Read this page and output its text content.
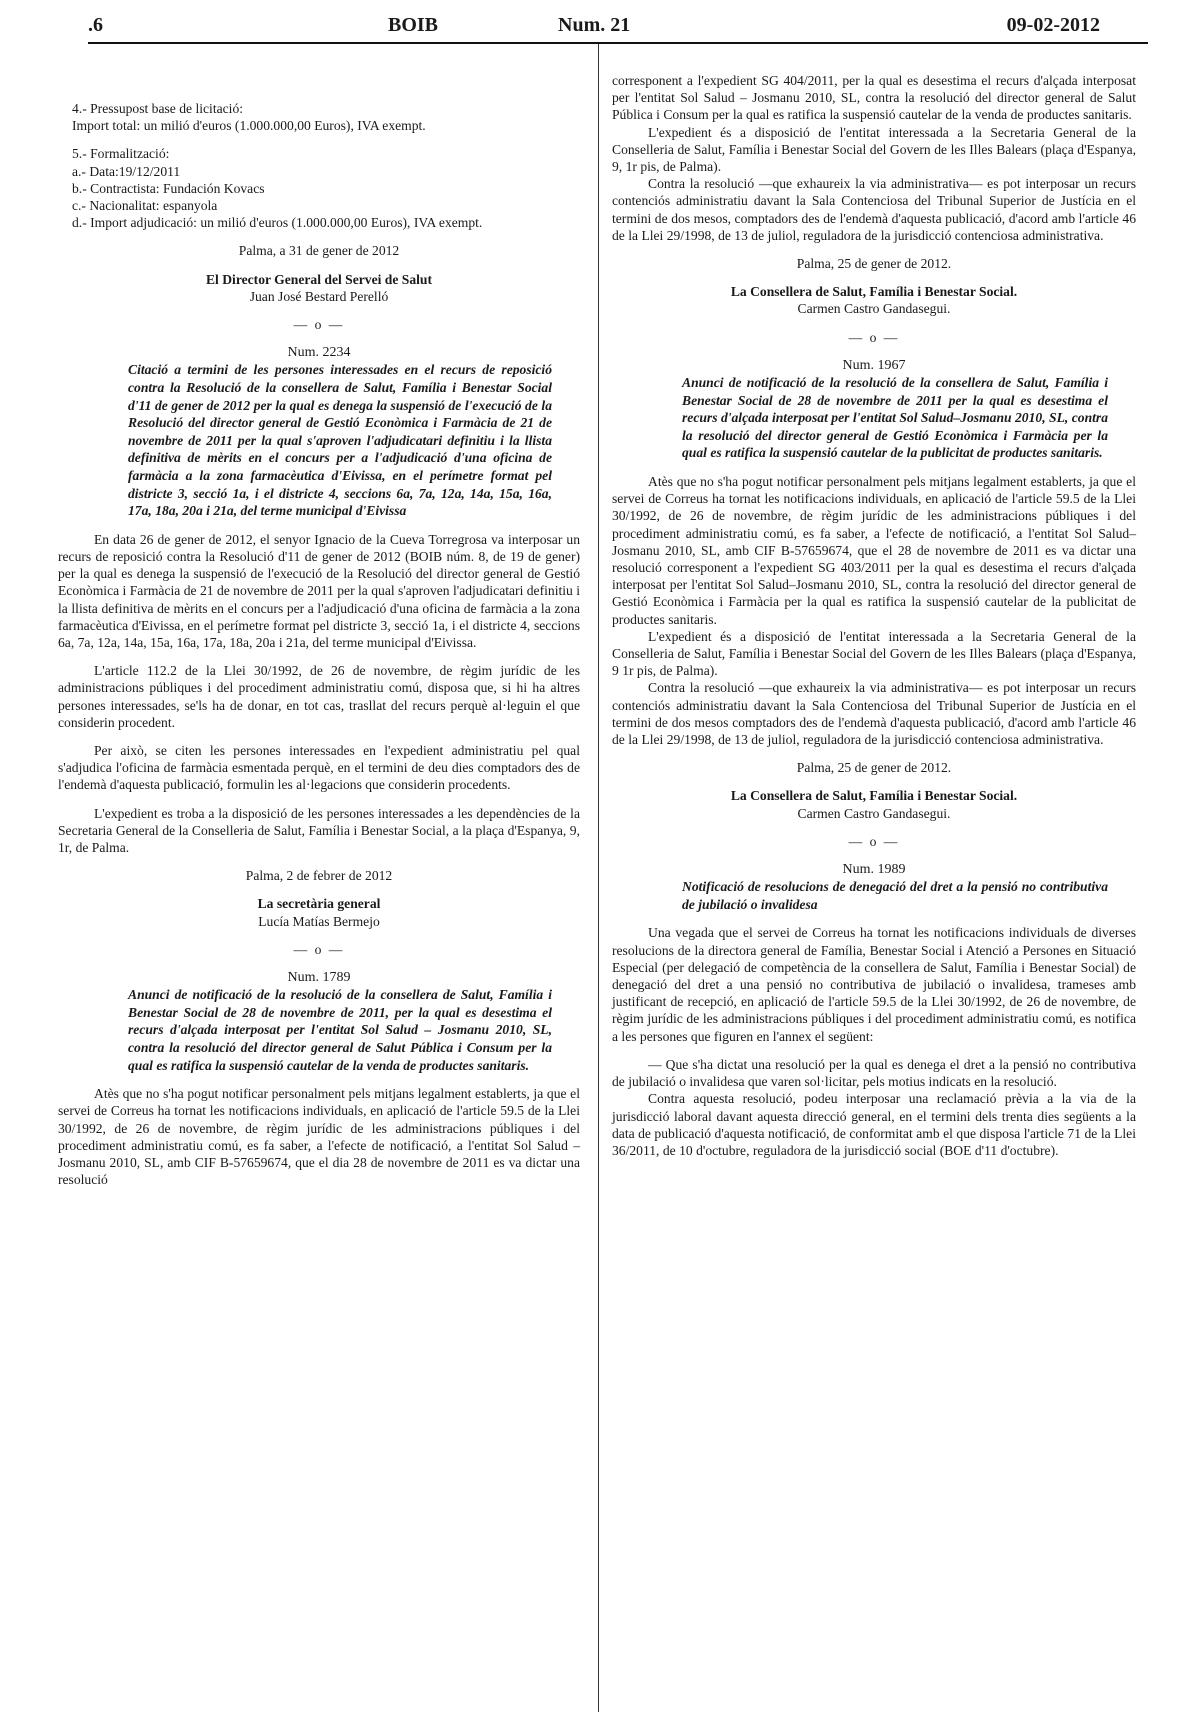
.6	BOIB	Num. 21	09-02-2012

4.- Pressupost base de licitació:

Import total: un milió d'euros (1.000.000,00 Euros), IVA exempt.

5.- Formalització:

a.- Data:19/12/2011

b.- Contractista: Fundación Kovacs

c.- Nacionalitat: espanyola

d.- Import adjudicació: un milió d'euros (1.000.000,00 Euros), IVA exempt.

Palma, a 31 de gener de 2012

El Director General del Servei de Salut

Juan José Bestard Perelló

— o —

Num. 2234

Citació a termini de les persones interessades en el recurs de reposició contra la Resolució de la consellera de Salut, Família i Benestar Social d'11 de gener de 2012 per la qual es denega la suspensió de l'execució de la Resolució del director general de Gestió Econòmica i Farmàcia de 21 de novembre de 2011 per la qual s'aproven l'adjudicatari definitiu i la llista definitiva de mèrits en el concurs per a l'adjudicació d'una oficina de farmàcia a la zona farmacèutica d'Eivissa, en el perímetre format pel districte 3, secció 1a, i el districte 4, seccions 6a, 7a, 12a, 14a, 15a, 16a, 17a, 18a, 20a i 21a, del terme municipal d'Eivissa

En data 26 de gener de 2012, el senyor Ignacio de la Cueva Torregrosa va interposar un recurs de reposició contra la Resolució d'11 de gener de 2012 (BOIB núm. 8, de 19 de gener) per la qual es denega la suspensió de l'execució de la Resolució del director general de Gestió Econòmica i Farmàcia de 21 de novembre de 2011 per la qual s'aproven l'adjudicatari definitiu i la llista definitiva de mèrits en el concurs per a l'adjudicació d'una oficina de farmàcia a la zona farmacèutica d'Eivissa, en el perímetre format pel districte 3, secció 1a, i el districte 4, seccions 6a, 7a, 12a, 14a, 15a, 16a, 17a, 18a, 20a i 21a, del terme municipal d'Eivissa.

L'article 112.2 de la Llei 30/1992, de 26 de novembre, de règim jurídic de les administracions públiques i del procediment administratiu comú, disposa que, si hi ha altres persones interessades, se'ls ha de donar, en tot cas, trasllat del recurs perquè al·leguin el que considerin procedent.

Per això, se citen les persones interessades en l'expedient administratiu pel qual s'adjudica l'oficina de farmàcia esmentada perquè, en el termini de deu dies comptadors des de l'endemà d'aquesta publicació, formulin les al·legacions que considerin procedents.

L'expedient es troba a la disposició de les persones interessades a les dependències de la Secretaria General de la Conselleria de Salut, Família i Benestar Social, a la plaça d'Espanya, 9, 1r, de Palma.

Palma, 2 de febrer de 2012

La secretària general

Lucía Matías Bermejo

— o —

Num. 1789

Anunci de notificació de la resolució de la consellera de Salut, Família i Benestar Social de 28 de novembre de 2011, per la qual es desestima el recurs d'alçada interposat per l'entitat Sol Salud – Josmanu 2010, SL, contra la resolució del director general de Salut Pública i Consum per la qual es ratifica la suspensió cautelar de la venda de productes sanitaris.

Atès que no s'ha pogut notificar personalment pels mitjans legalment establerts, ja que el servei de Correus ha tornat les notificacions individuals, en aplicació de l'article 59.5 de la Llei 30/1992, de 26 de novembre, de règim jurídic de les administracions públiques i del procediment administratiu comú, es fa saber, a l'efecte de notificació, a l'entitat Sol Salud – Josmanu 2010, SL, amb CIF B-57659674, que el dia 28 de novembre de 2011 es va dictar una resolució

corresponent a l'expedient SG 404/2011, per la qual es desestima el recurs d'alçada interposat per l'entitat Sol Salud – Josmanu 2010, SL, contra la resolució del director general de Salut Pública i Consum per la qual es ratifica la suspensió cautelar de la venda de productes sanitaris.

L'expedient és a disposició de l'entitat interessada a la Secretaria General de la Conselleria de Salut, Família i Benestar Social del Govern de les Illes Balears (plaça d'Espanya, 9, 1r pis, de Palma).

Contra la resolució —que exhaureix la via administrativa— es pot interposar un recurs contenciós administratiu davant la Sala Contenciosa del Tribunal Superior de Justícia en el termini de dos mesos, comptadors des de l'endemà d'aquesta publicació, d'acord amb l'article 46 de la Llei 29/1998, de 13 de juliol, reguladora de la jurisdicció contenciosa administrativa.

Palma, 25 de gener de 2012.

La Consellera de Salut, Família i Benestar Social.

Carmen Castro Gandasegui.

— o —

Num. 1967

Anunci de notificació de la resolució de la consellera de Salut, Família i Benestar Social de 28 de novembre de 2011 per la qual es desestima el recurs d'alçada interposat per l'entitat Sol Salud–Josmanu 2010, SL, contra la resolució del director general de Gestió Econòmica i Farmàcia per la qual es ratifica la suspensió cautelar de la publicitat de productes sanitaris.

Atès que no s'ha pogut notificar personalment pels mitjans legalment establerts, ja que el servei de Correus ha tornat les notificacions individuals, en aplicació de l'article 59.5 de la Llei 30/1992, de 26 de novembre, de règim jurídic de les administracions públiques i del procediment administratiu comú, es fa saber, a l'efecte de notificació, a l'entitat Sol Salud–Josmanu 2010, SL, amb CIF B-57659674, que el 28 de novembre de 2011 es va dictar una resolució corresponent a l'expedient SG 403/2011 per la qual es desestima el recurs d'alçada interposat per l'entitat Sol Salud–Josmanu 2010, SL, contra la resolució del director general de Gestió Econòmica i Farmàcia per la qual es ratifica la suspensió cautelar de la publicitat de productes sanitaris.

L'expedient és a disposició de l'entitat interessada a la Secretaria General de la Conselleria de Salut, Família i Benestar Social del Govern de les Illes Balears (plaça d'Espanya, 9 1r pis, de Palma).

Contra la resolució —que exhaureix la via administrativa— es pot interposar un recurs contenciós administratiu davant la Sala Contenciosa del Tribunal Superior de Justícia en el termini de dos mesos comptadors des de l'endemà d'aquesta publicació, d'acord amb l'article 46 de la Llei 29/1998, de 13 de juliol, reguladora de la jurisdicció contenciosa administrativa.

Palma, 25 de gener de 2012.

La Consellera de Salut, Família i Benestar Social.

Carmen Castro Gandasegui.

— o —

Num. 1989

Notificació de resolucions de denegació del dret a la pensió no contributiva de jubilació o invalidesa

Una vegada que el servei de Correus ha tornat les notificacions individuals de diverses resolucions de la directora general de Família, Benestar Social i Atenció a Persones en Situació Especial (per delegació de competència de la consellera de Salut, Família i Benestar Social) de denegació del dret a una pensió no contributiva de jubilació o invalidesa, trameses amb justificant de recepció, en aplicació de l'article 59.5 de la Llei 30/1992, de 26 de novembre, de règim jurídic de les administracions públiques i del procediment administratiu comú, es notifica a les persones que figuren en l'annex el següent:

— Que s'ha dictat una resolució per la qual es denega el dret a la pensió no contributiva de jubilació o invalidesa que varen sol·licitar, pels motius indicats en la resolució.

Contra aquesta resolució, podeu interposar una reclamació prèvia a la via de la jurisdicció laboral davant aquesta direcció general, en el termini dels trenta dies següents a la data de publicació d'aquesta notificació, de conformitat amb el que disposa l'article 71 de la Llei 36/2011, de 10 d'octubre, reguladora de la jurisdicció social (BOE d'11 d'octubre).
